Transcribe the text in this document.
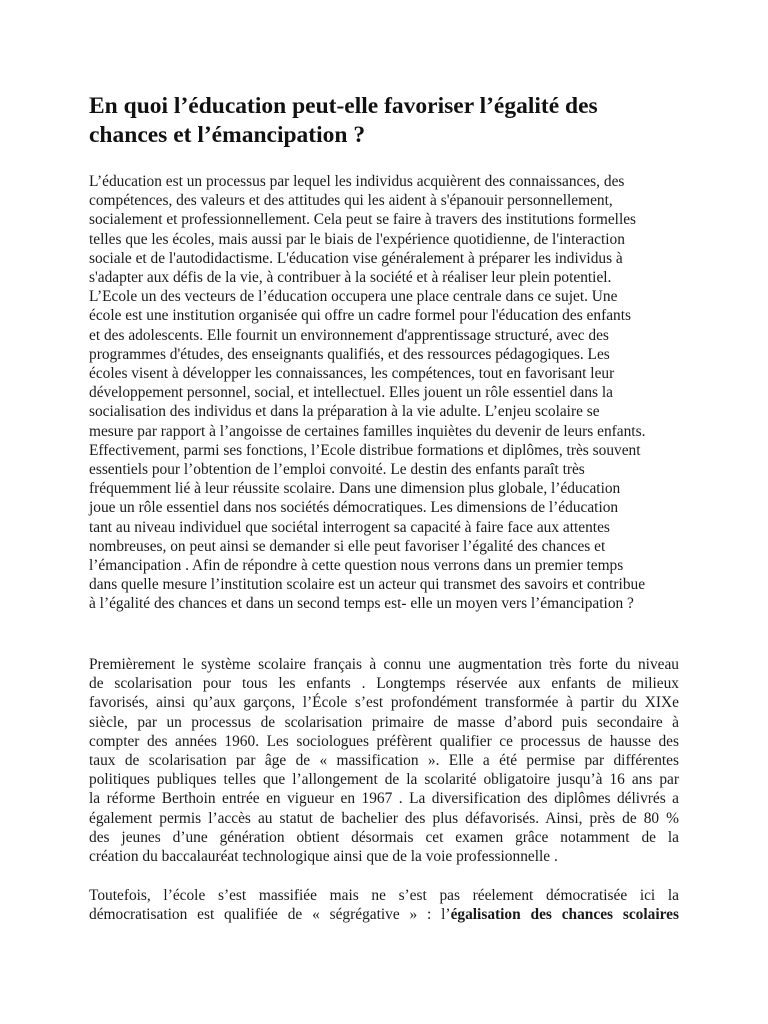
En quoi l’éducation peut-elle favoriser l’égalité des
chances et l’émancipation ?
L’éducation est un processus par lequel les individus acquièrent des connaissances, des
compétences, des valeurs et des attitudes qui les aident à s'épanouir personnellement,
socialement et professionnellement. Cela peut se faire à travers des institutions formelles
telles que les écoles, mais aussi par le biais de l'expérience quotidienne, de l'interaction
sociale et de l'autodidactisme. L'éducation vise généralement à préparer les individus à
s'adapter aux défis de la vie, à contribuer à la société et à réaliser leur plein potentiel.
L’Ecole un des vecteurs de l’éducation occupera une place centrale dans ce sujet. Une
école est une institution organisée qui offre un cadre formel pour l'éducation des enfants
et des adolescents. Elle fournit un environnement d'apprentissage structuré, avec des
programmes d'études, des enseignants qualifiés, et des ressources pédagogiques. Les
écoles visent à développer les connaissances, les compétences, tout en favorisant leur
développement personnel, social, et intellectuel. Elles jouent un rôle essentiel dans la
socialisation des individus et dans la préparation à la vie adulte. L’enjeu scolaire se
mesure par rapport à l’angoisse de certaines familles inquiètes du devenir de leurs enfants.
Effectivement, parmi ses fonctions, l’Ecole distribue formations et diplômes, très souvent
essentiels pour l’obtention de l’emploi convoité. Le destin des enfants paraît très
fréquemment lié à leur réussite scolaire. Dans une dimension plus globale, l’éducation
joue un rôle essentiel dans nos sociétés démocratiques. Les dimensions de l’éducation
tant au niveau individuel que sociétal interrogent sa capacité à faire face aux attentes
nombreuses, on peut ainsi se demander si elle peut favoriser l’égalité des chances et
l’émancipation . Afin de répondre à cette question nous verrons dans un premier temps
dans quelle mesure l’institution scolaire est un acteur qui transmet des savoirs et contribue
à l’égalité des chances et dans un second temps est- elle un moyen vers l’émancipation ?
Premièrement le système scolaire français à connu une augmentation très forte du niveau
de scolarisation pour tous les enfants . Longtemps réservée aux enfants de milieux
favorisés, ainsi qu’aux garçons, l’École s’est profondément transformée à partir du XIXe
siècle, par un processus de scolarisation primaire de masse d’abord puis secondaire à
compter des années 1960. Les sociologues préfèrent qualifier ce processus de hausse des
taux de scolarisation par âge de « massification ». Elle a été permise par différentes
politiques publiques telles que l’allongement de la scolarité obligatoire jusqu’à 16 ans par
la réforme Berthoin entrée en vigueur en 1967 . La diversification des diplômes délivrés a
également permis l’accès au statut de bachelier des plus défavorisés. Ainsi, près de 80 %
des jeunes d’une génération obtient désormais cet examen grâce notamment de la
création du baccalauréat technologique ainsi que de la voie professionnelle .
Toutefois, l’école s’est massifiée mais ne s’est pas réelement démocratisée ici la
démocratisation est qualifiée de « ségrégative » : l’égalisation des chances scolaires
